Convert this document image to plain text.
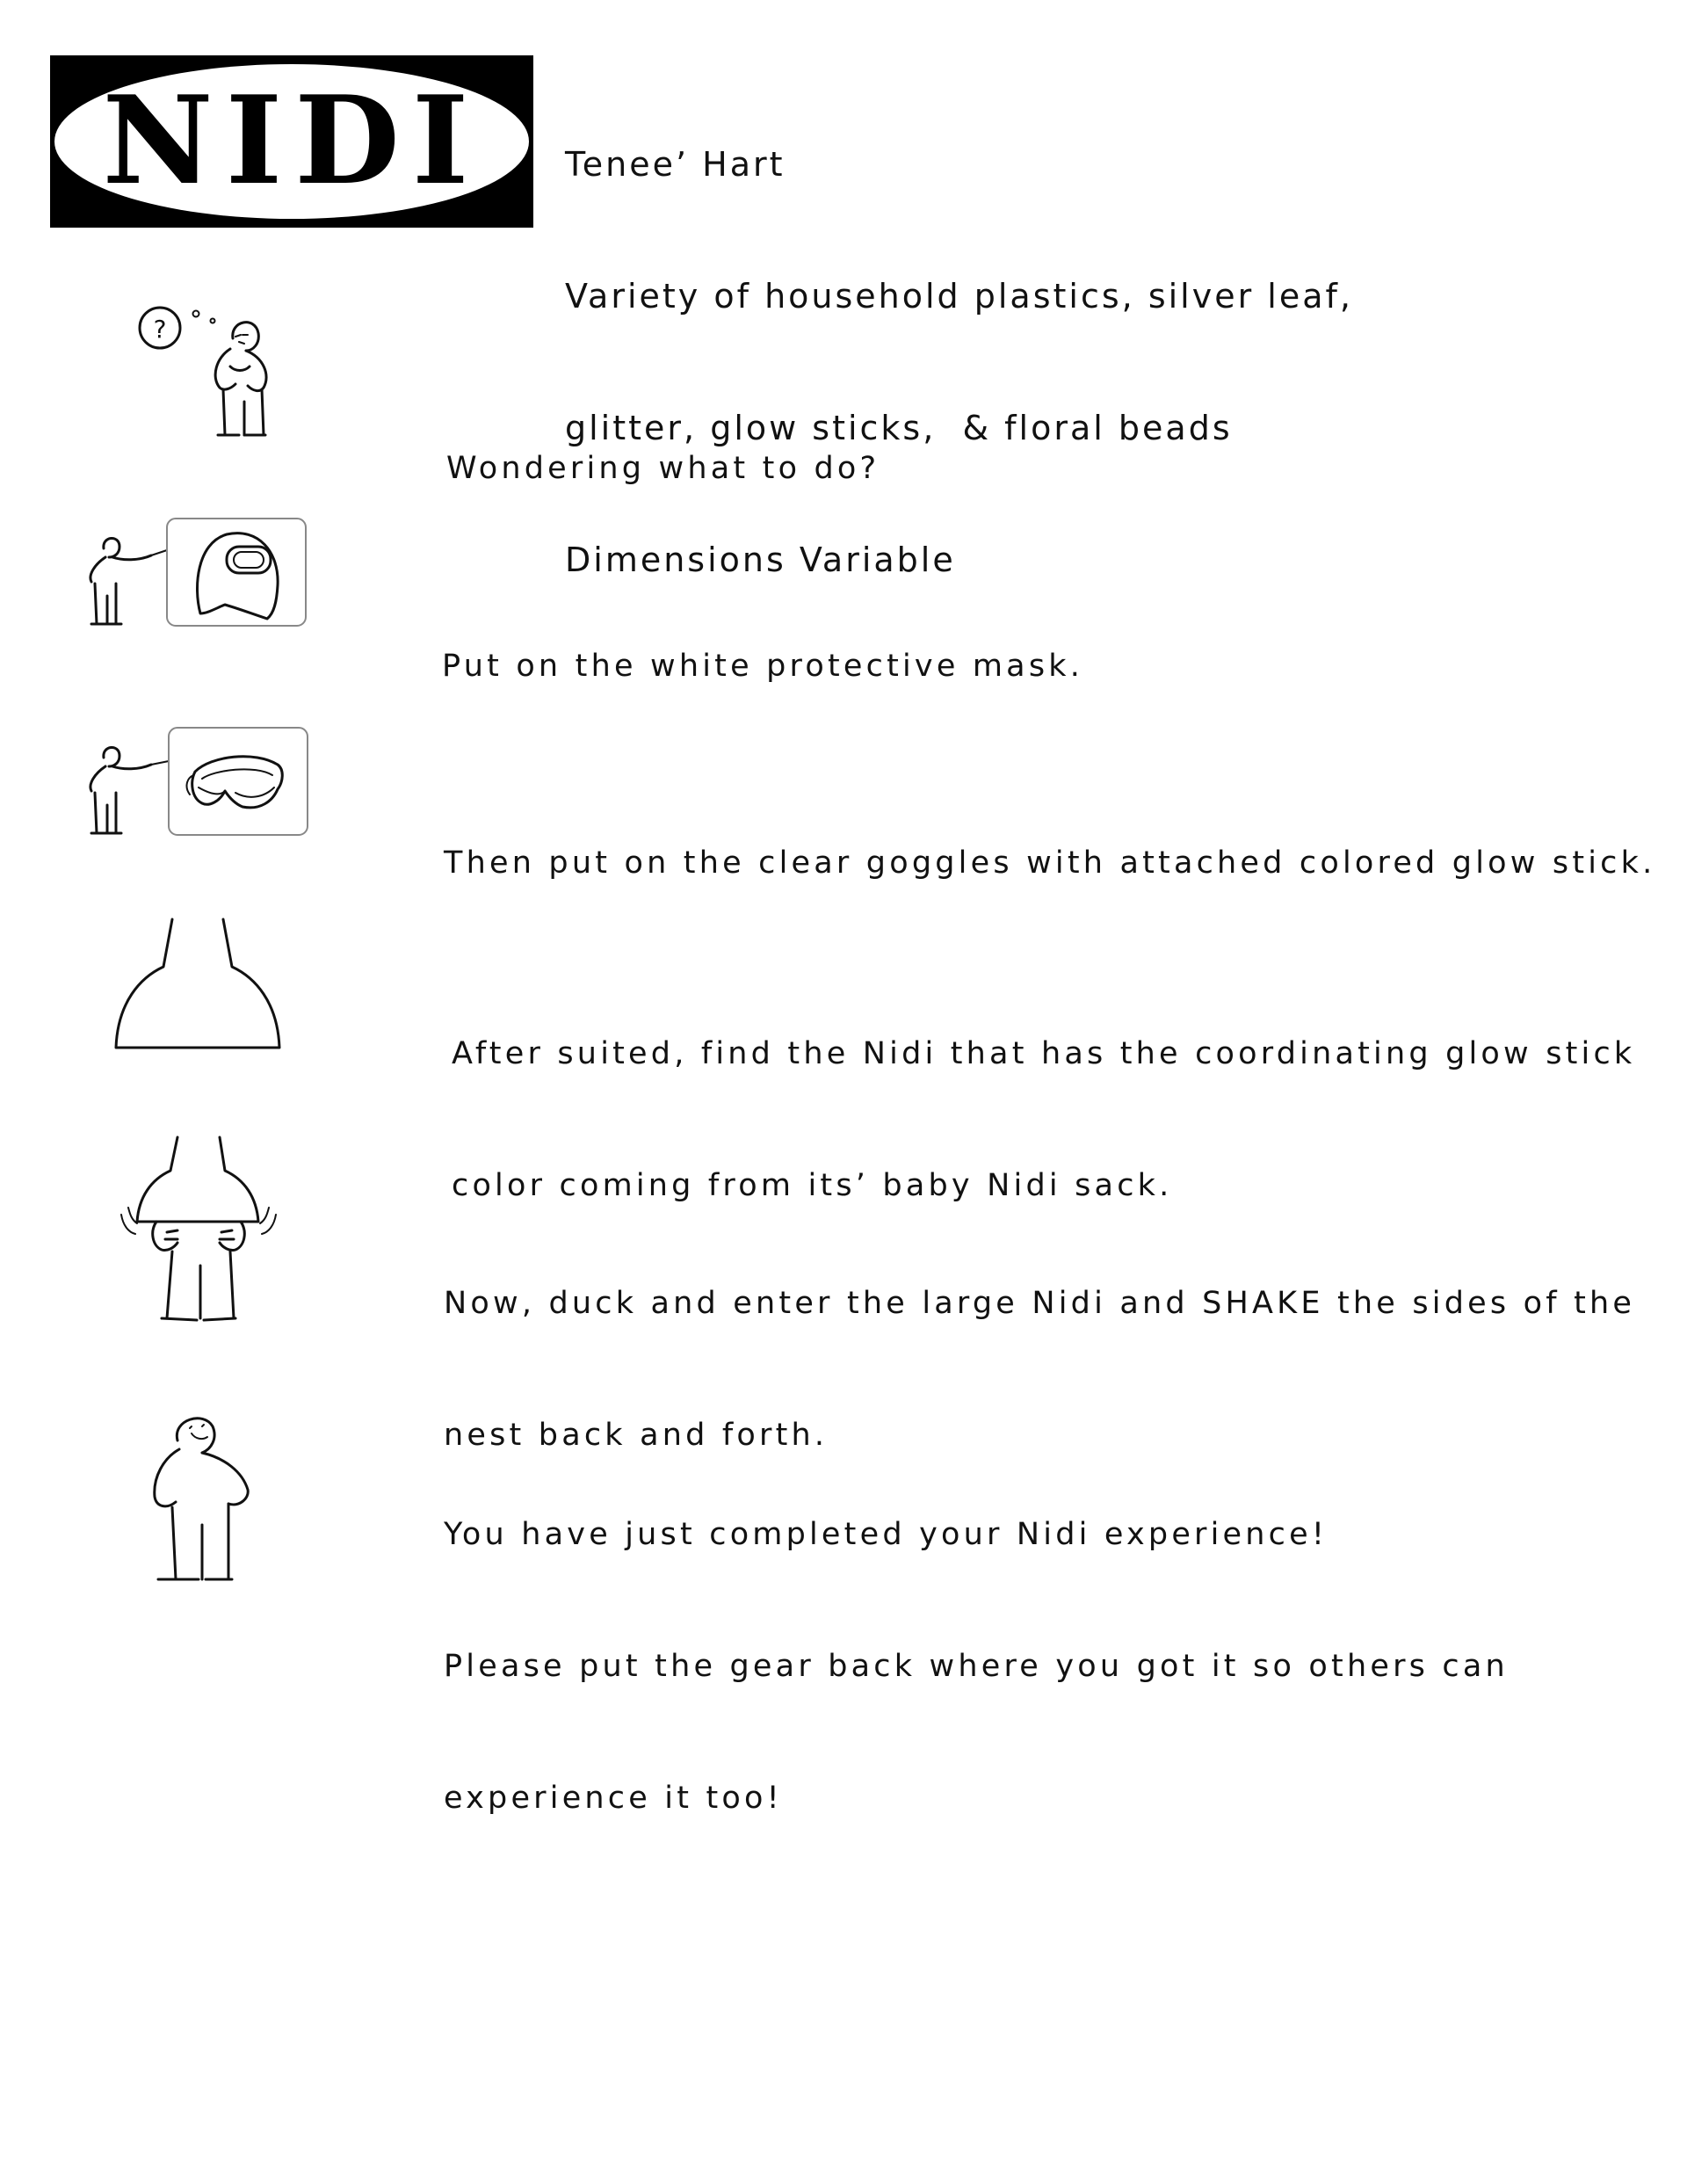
NIDI

	Tenee’ Hart

Variety of household plastics, silver leaf,

glitter, glow sticks,  & floral beads

Dimensions Variable

?

Wondering what to do?

Put on the white protective mask.

Then put on the clear goggles with attached colored glow stick.

After suited, find the Nidi that has the coordinating glow stick

color coming from its’ baby Nidi sack.

Now, duck and enter the large Nidi and SHAKE the sides of the

nest back and forth.

You have just completed your Nidi experience!

Please put the gear back where you got it so others can

experience it too!
